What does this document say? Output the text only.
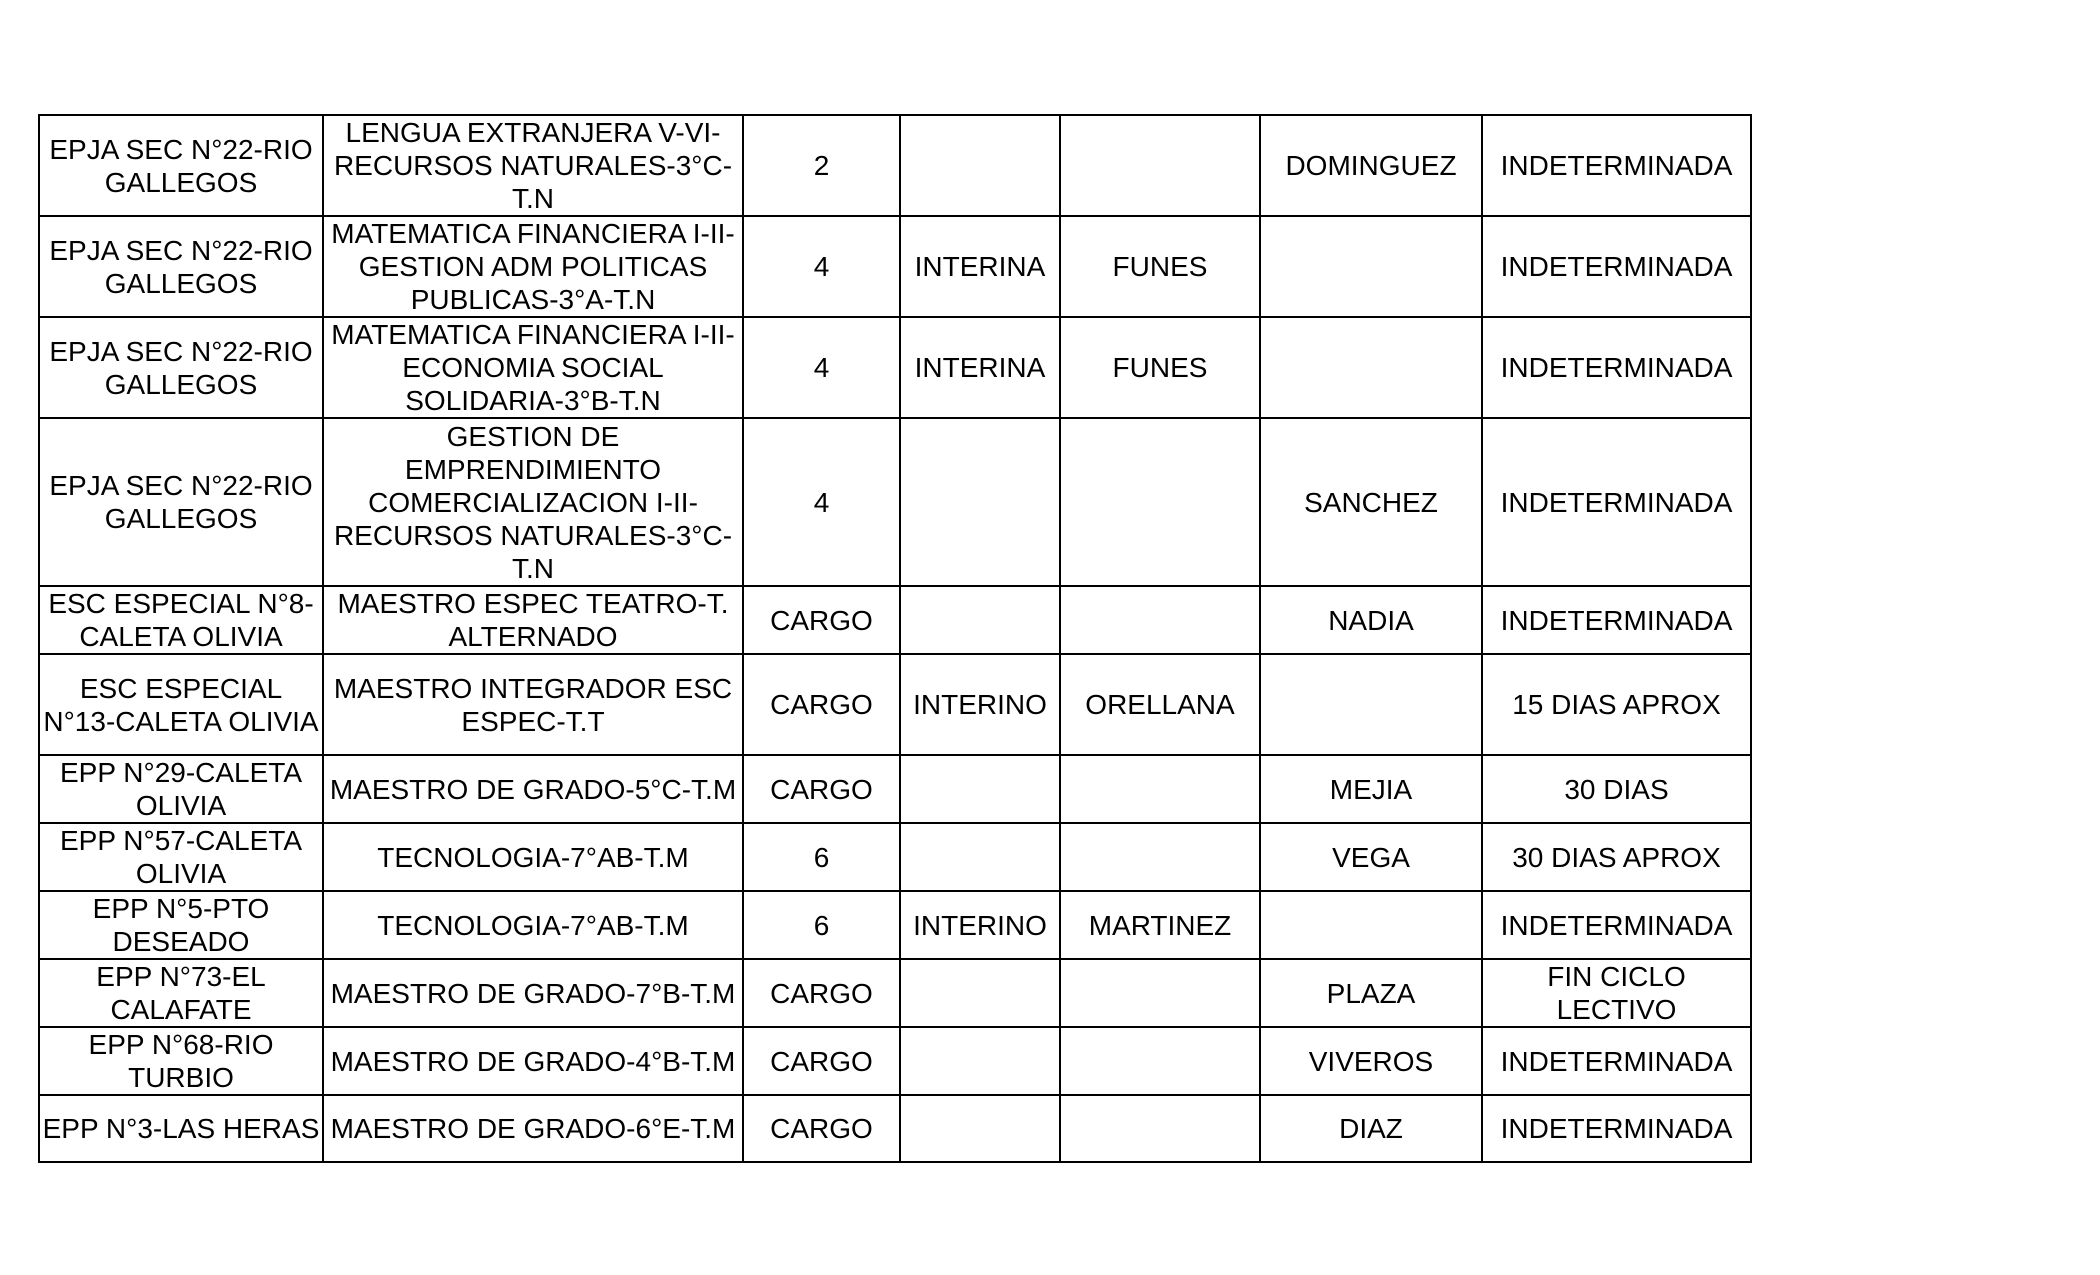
EPJA SEC N°22-RIO GALLEGOS	LENGUA EXTRANJERA V-VI-RECURSOS NATURALES-3°C-T.N	2			DOMINGUEZ	INDETERMINADA
EPJA SEC N°22-RIO GALLEGOS	MATEMATICA FINANCIERA I-II-GESTION ADM POLITICAS PUBLICAS-3°A-T.N	4	INTERINA	FUNES		INDETERMINADA
EPJA SEC N°22-RIO GALLEGOS	MATEMATICA FINANCIERA I-II-ECONOMIA SOCIAL SOLIDARIA-3°B-T.N	4	INTERINA	FUNES		INDETERMINADA
EPJA SEC N°22-RIO GALLEGOS	GESTION DE EMPRENDIMIENTO COMERCIALIZACION I-II-RECURSOS NATURALES-3°C-T.N	4			SANCHEZ	INDETERMINADA
ESC ESPECIAL N°8-CALETA OLIVIA	MAESTRO ESPEC TEATRO-T. ALTERNADO	CARGO			NADIA	INDETERMINADA
ESC ESPECIAL N°13-CALETA OLIVIA	MAESTRO INTEGRADOR ESC ESPEC-T.T	CARGO	INTERINO	ORELLANA		15 DIAS APROX
EPP N°29-CALETA OLIVIA	MAESTRO DE GRADO-5°C-T.M	CARGO			MEJIA	30 DIAS
EPP N°57-CALETA OLIVIA	TECNOLOGIA-7°AB-T.M	6			VEGA	30 DIAS APROX
EPP N°5-PTO DESEADO	TECNOLOGIA-7°AB-T.M	6	INTERINO	MARTINEZ		INDETERMINADA
EPP N°73-EL CALAFATE	MAESTRO DE GRADO-7°B-T.M	CARGO			PLAZA	FIN CICLO LECTIVO
EPP N°68-RIO TURBIO	MAESTRO DE GRADO-4°B-T.M	CARGO			VIVEROS	INDETERMINADA
EPP N°3-LAS HERAS	MAESTRO DE GRADO-6°E-T.M	CARGO			DIAZ	INDETERMINADA
